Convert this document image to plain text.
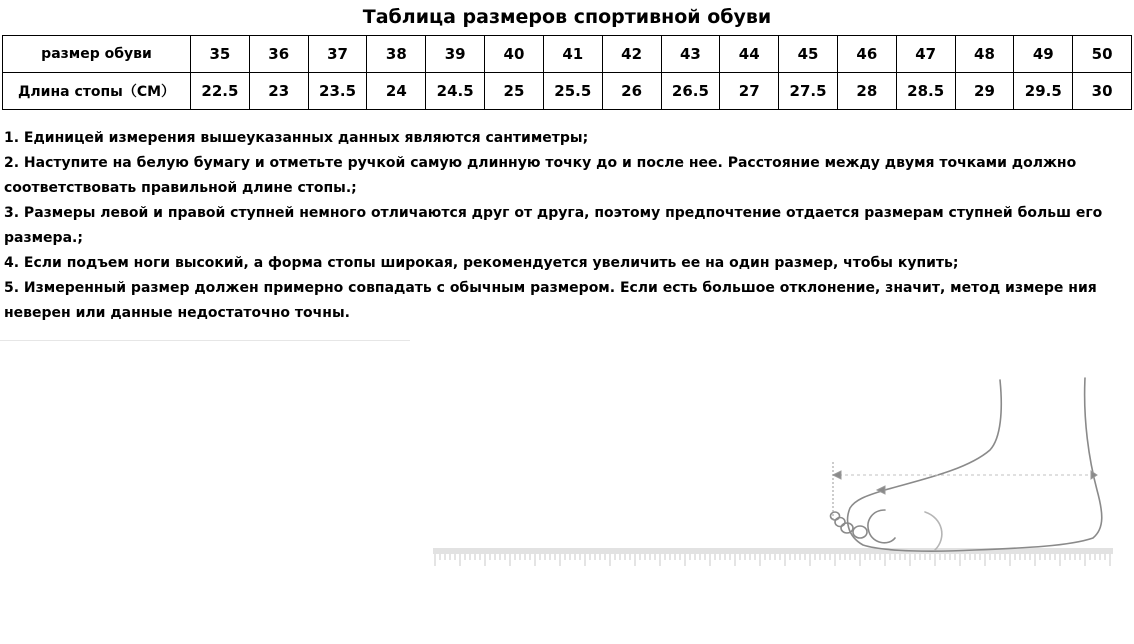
Таблица размеров спортивной обуви
размер обуви	35	36	37	38	39	40	41	42	43	44	45	46	47	48	49	50
Длина стопы（CM）	22.5	23	23.5	24	24.5	25	25.5	26	26.5	27	27.5	28	28.5	29	29.5	30

1. Единицей измерения вышеуказанных данных являются сантиметры;

2. Наступите на белую бумагу и отметьте ручкой самую длинную точку до и после нее. Расстояние между двумя точками должно соответствовать правильной длине стопы.;

3. Размеры левой и правой ступней немного отличаются друг от друга, поэтому предпочтение отдается размерам ступней больш его размера.;

4. Если подъем ноги высокий, а форма стопы широкая, рекомендуется увеличить ее на один размер, чтобы купить;

5. Измеренный размер должен примерно совпадать с обычным размером. Если есть большое отклонение, значит, метод измере ния неверен или данные недостаточно точны.
